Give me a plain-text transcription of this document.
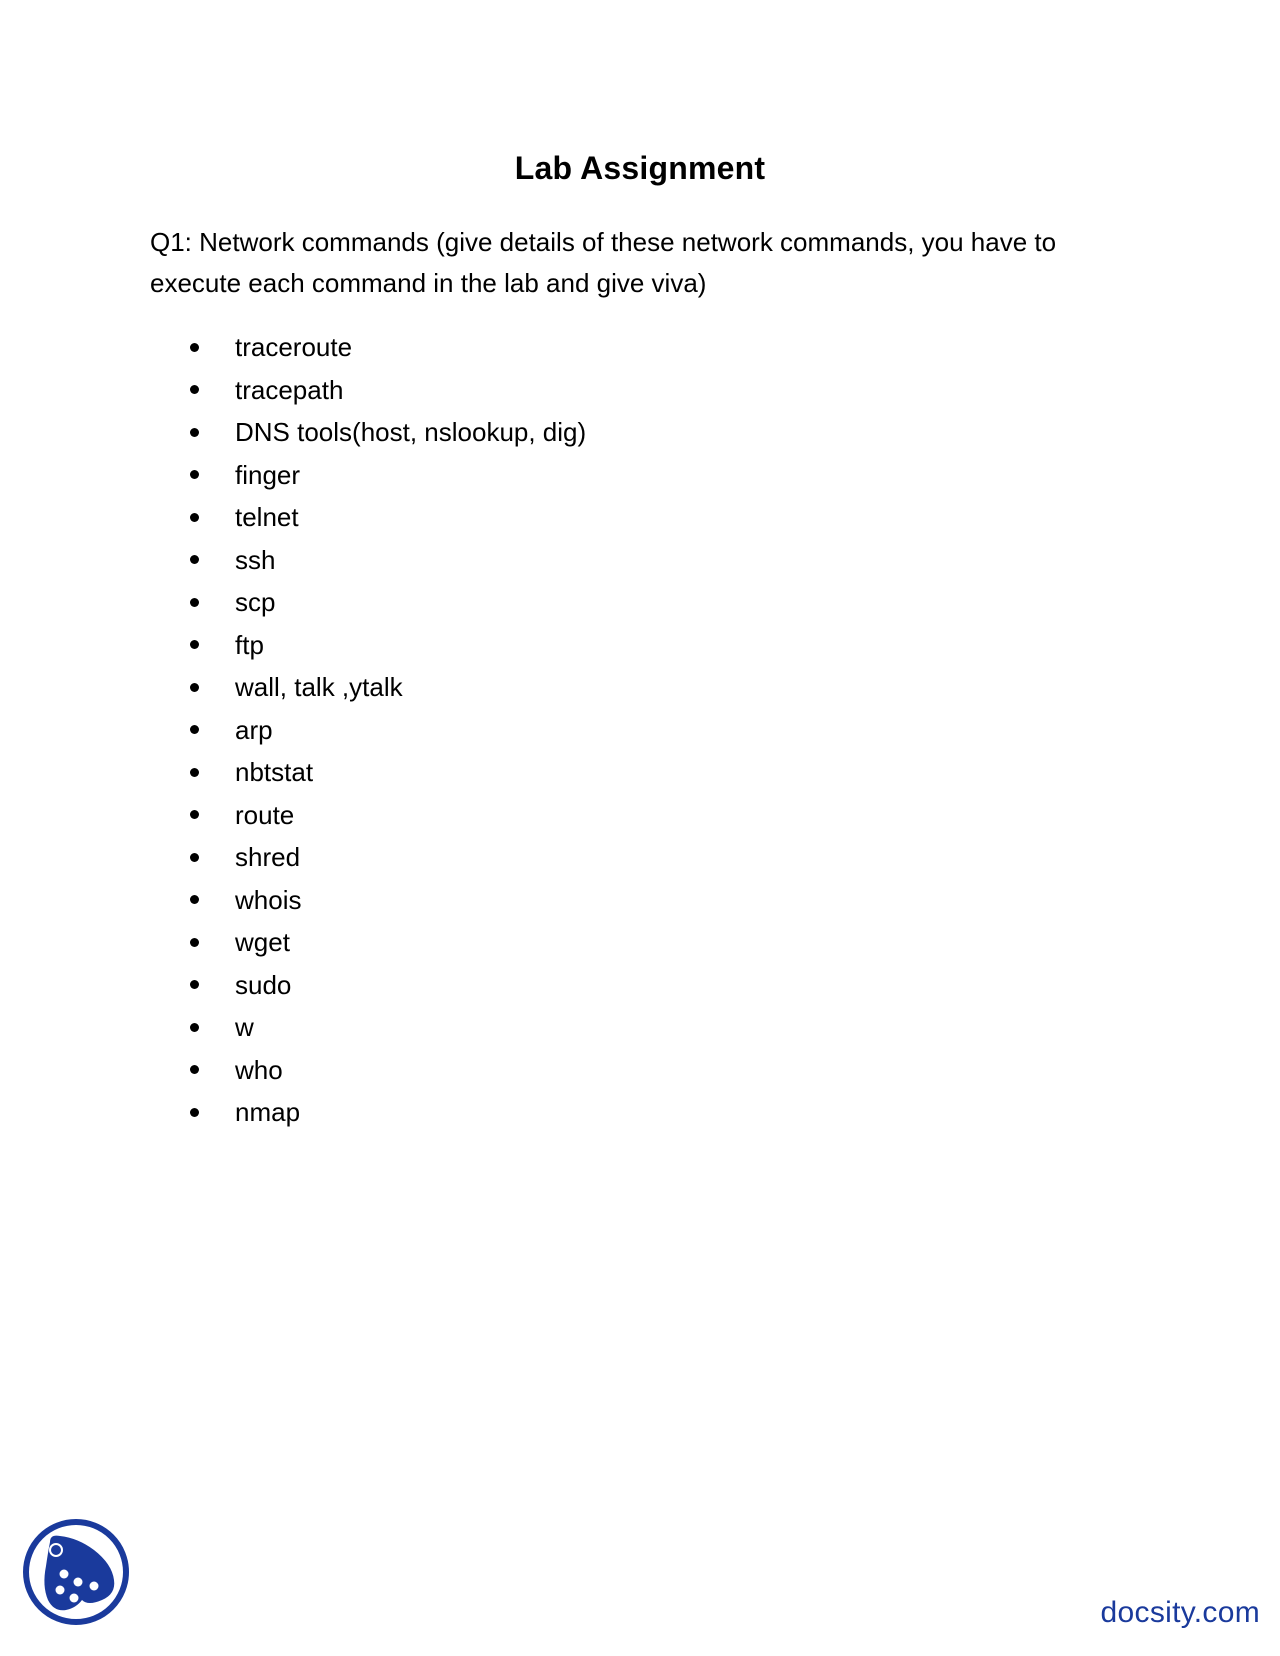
Lab Assignment
Q1: Network commands (give details of these network commands, you have to execute each command in the lab and give viva)
traceroute
tracepath
DNS tools(host, nslookup, dig)
finger
telnet
ssh
scp
ftp
wall, talk ,ytalk
arp
nbtstat
route
shred
whois
wget
sudo
w
who
nmap
docsity.com
